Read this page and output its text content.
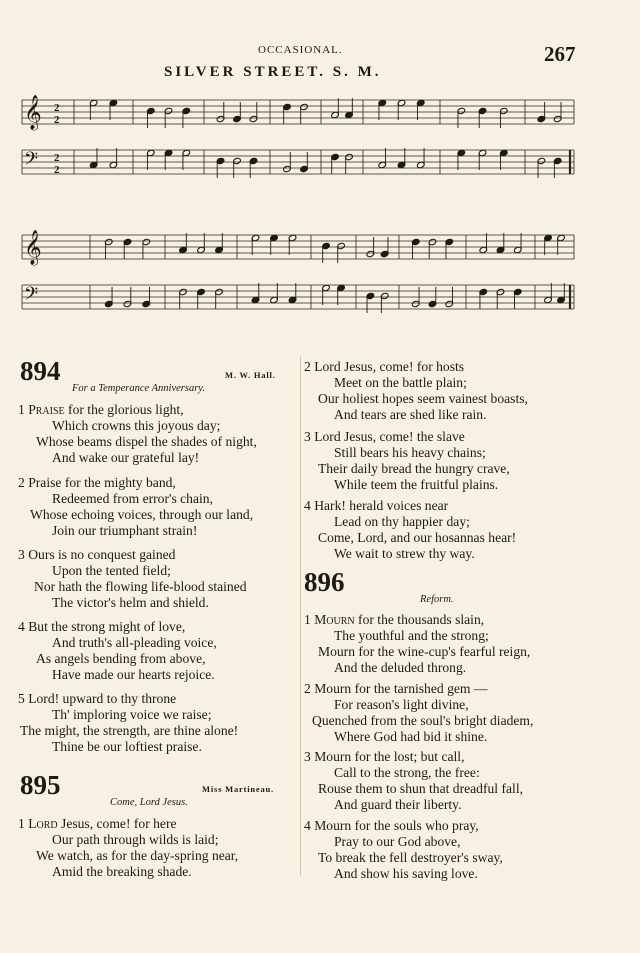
OCCASIONAL.	267
SILVER STREET. S. M.
𝄞 2
2
𝄢 2
2
𝄞
𝄢
894	M. W. Hall.
For a Temperance Anniversary.
1 Praise for the glorious light,
Which crowns this joyous day;
Whose beams dispel the shades of night,
And wake our grateful lay!
2 Praise for the mighty band,
Redeemed from error's chain,
Whose echoing voices, through our land,
Join our triumphant strain!
3 Ours is no conquest gained
Upon the tented field;
Nor hath the flowing life-blood stained
The victor's helm and shield.
4 But the strong might of love,
And truth's all-pleading voice,
As angels bending from above,
Have made our hearts rejoice.
5 Lord! upward to thy throne
Th' imploring voice we raise;
The might, the strength, are thine alone!
Thine be our loftiest praise.
2 Lord Jesus, come! for hosts
Meet on the battle plain;
Our holiest hopes seem vainest boasts,
And tears are shed like rain.
3 Lord Jesus, come! the slave
Still bears his heavy chains;
Their daily bread the hungry crave,
While teem the fruitful plains.
4 Hark! herald voices near
Lead on thy happier day;
Come, Lord, and our hosannas hear!
We wait to strew thy way.
895	Miss Martineau.
Come, Lord Jesus.
1 Lord Jesus, come! for here
Our path through wilds is laid;
We watch, as for the day-spring near,
Amid the breaking shade.
896
Reform.
1 Mourn for the thousands slain,
The youthful and the strong;
Mourn for the wine-cup's fearful reign,
And the deluded throng.
2 Mourn for the tarnished gem —
For reason's light divine,
Quenched from the soul's bright diadem,
Where God had bid it shine.
3 Mourn for the lost; but call,
Call to the strong, the free:
Rouse them to shun that dreadful fall,
And guard their liberty.
4 Mourn for the souls who pray,
Pray to our God above,
To break the fell destroyer's sway,
And show his saving love.
